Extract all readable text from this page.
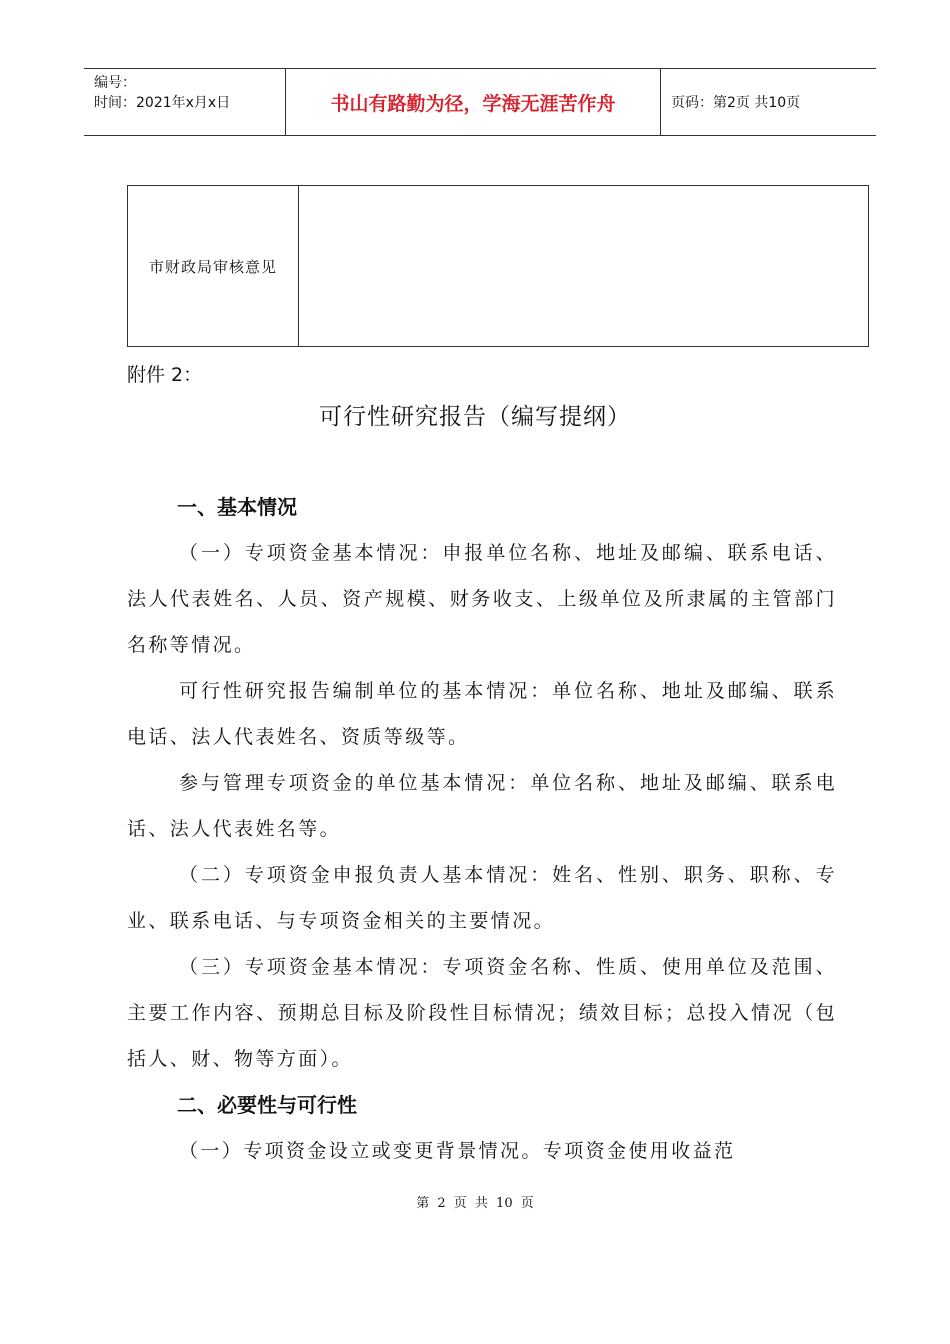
编号：
时间：2021年x月x日	书山有路勤为径，学海无涯苦作舟	页码：第2页 共10页
市财政局审核意见
附件 2：
可行性研究报告（编写提纲）
一、基本情况

（一）专项资金基本情况：申报单位名称、地址及邮编、联系电话、法人代表姓名、人员、资产规模、财务收支、上级单位及所隶属的主管部门名称等情况。

可行性研究报告编制单位的基本情况：单位名称、地址及邮编、联系电话、法人代表姓名、资质等级等。

参与管理专项资金的单位基本情况：单位名称、地址及邮编、联系电话、法人代表姓名等。

（二）专项资金申报负责人基本情况：姓名、性别、职务、职称、专业、联系电话、与专项资金相关的主要情况。

（三）专项资金基本情况：专项资金名称、性质、使用单位及范围、主要工作内容、预期总目标及阶段性目标情况；绩效目标；总投入情况（包括人、财、物等方面）。

二、必要性与可行性

（一）专项资金设立或变更背景情况。专项资金使用收益范

第 2 页 共 10 页
